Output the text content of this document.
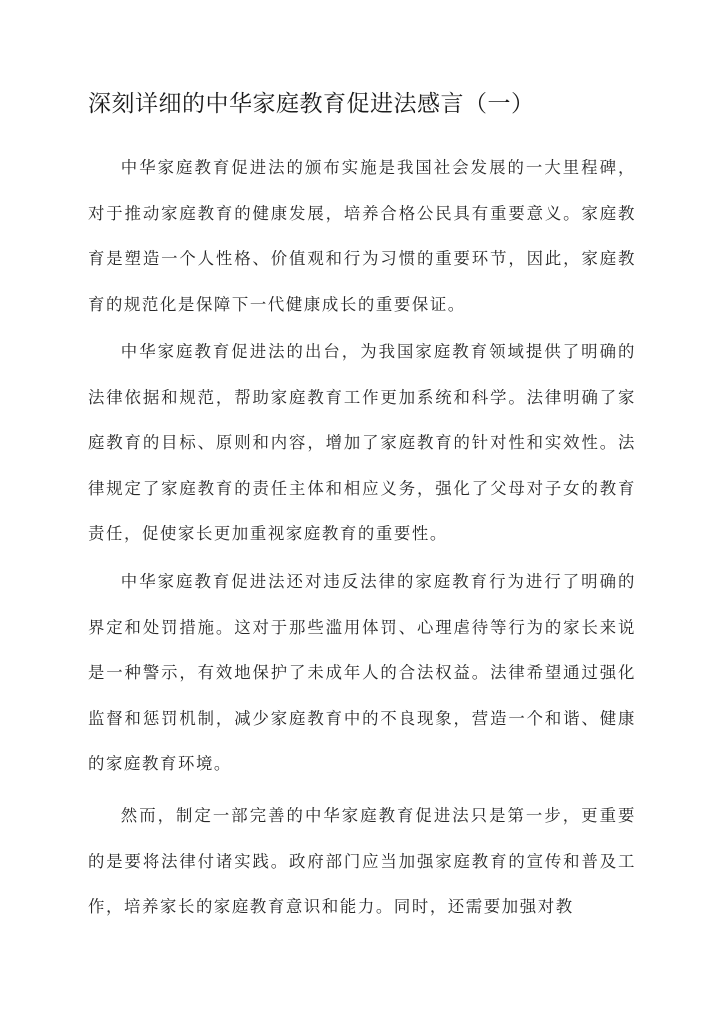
深刻详细的中华家庭教育促进法感言（一）

中华家庭教育促进法的颁布实施是我国社会发展的一大里程碑，对于推动家庭教育的健康发展，培养合格公民具有重要意义。家庭教育是塑造一个人性格、价值观和行为习惯的重要环节，因此，家庭教育的规范化是保障下一代健康成长的重要保证。

中华家庭教育促进法的出台，为我国家庭教育领域提供了明确的法律依据和规范，帮助家庭教育工作更加系统和科学。法律明确了家庭教育的目标、原则和内容，增加了家庭教育的针对性和实效性。法律规定了家庭教育的责任主体和相应义务，强化了父母对子女的教育责任，促使家长更加重视家庭教育的重要性。

中华家庭教育促进法还对违反法律的家庭教育行为进行了明确的界定和处罚措施。这对于那些滥用体罚、心理虐待等行为的家长来说是一种警示，有效地保护了未成年人的合法权益。法律希望通过强化监督和惩罚机制，减少家庭教育中的不良现象，营造一个和谐、健康的家庭教育环境。

然而，制定一部完善的中华家庭教育促进法只是第一步，更重要的是要将法律付诸实践。政府部门应当加强家庭教育的宣传和普及工作，培养家长的家庭教育意识和能力。同时，还需要加强对教
